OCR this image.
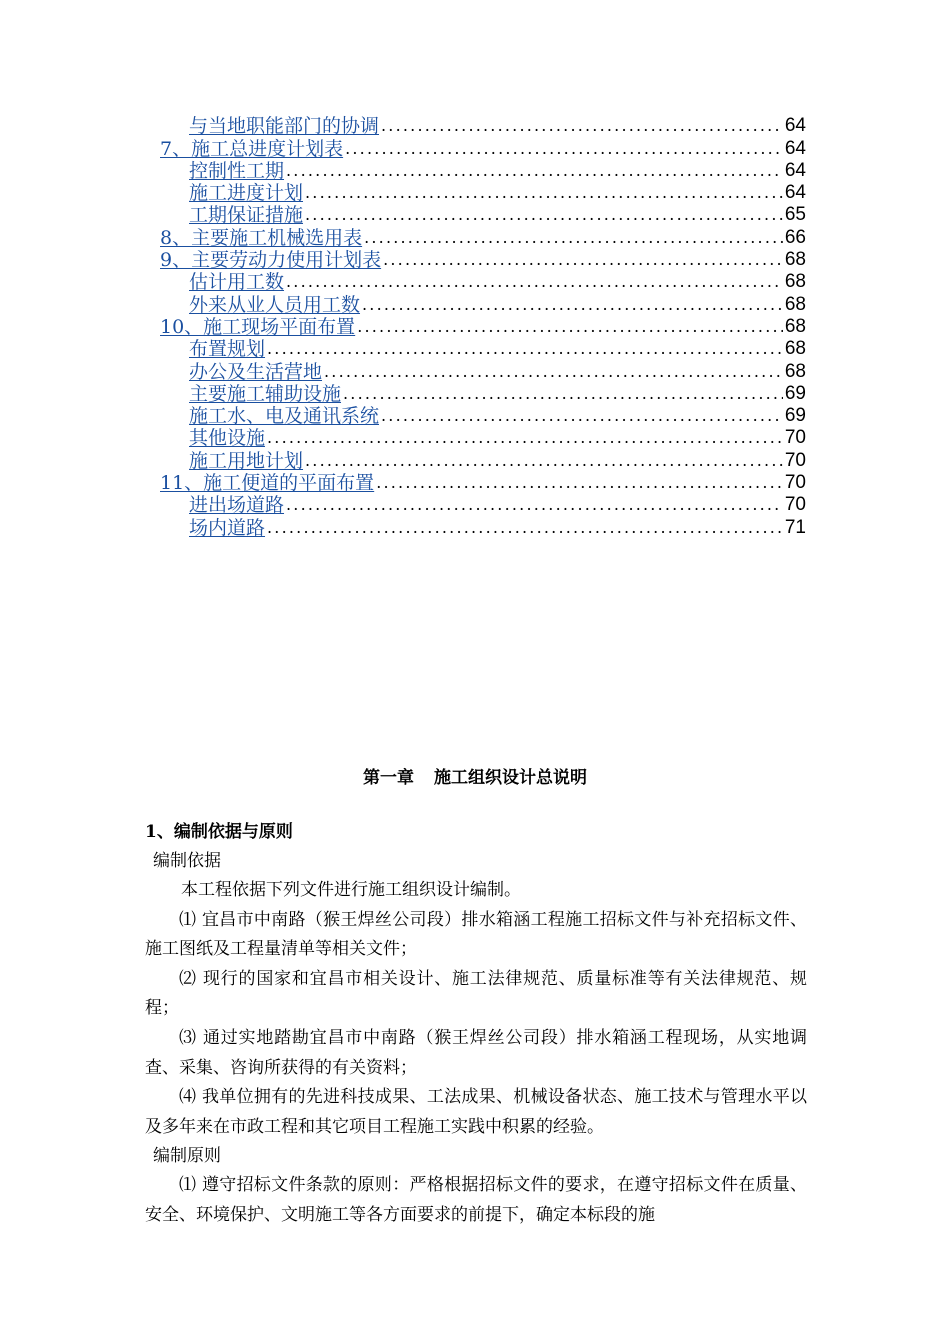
与当地职能部门的协调 .....	64
7、施工总进度计划表 .....	64
控制性工期 .....	64
施工进度计划 .....	64
工期保证措施 .....	65
8、主要施工机械选用表 .....	66
9、主要劳动力使用计划表 .....	68
估计用工数 .....	68
外来从业人员用工数 .....	68
10、施工现场平面布置 .....	68
布置规划 .....	68
办公及生活营地 .....	68
主要施工辅助设施 .....	69
施工水、电及通讯系统 .....	69
其他设施 .....	70
施工用地计划 .....	70
11、施工便道的平面布置 .....	70
进出场道路 .....	70
场内道路 .....	71
第一章 施工组织设计总说明

1、编制依据与原则

编制依据

本工程依据下列文件进行施工组织设计编制。

⑴ 宜昌市中南路（猴王焊丝公司段）排水箱涵工程施工招标文件与补充招标文件、施工图纸及工程量清单等相关文件；

⑵ 现行的国家和宜昌市相关设计、施工法律规范、质量标准等有关法律规范、规程；

⑶ 通过实地踏勘宜昌市中南路（猴王焊丝公司段）排水箱涵工程现场，从实地调查、采集、咨询所获得的有关资料；

⑷ 我单位拥有的先进科技成果、工法成果、机械设备状态、施工技术与管理水平以及多年来在市政工程和其它项目工程施工实践中积累的经验。

编制原则

⑴ 遵守招标文件条款的原则：严格根据招标文件的要求，在遵守招标文件在质量、安全、环境保护、文明施工等各方面要求的前提下，确定本标段的施
